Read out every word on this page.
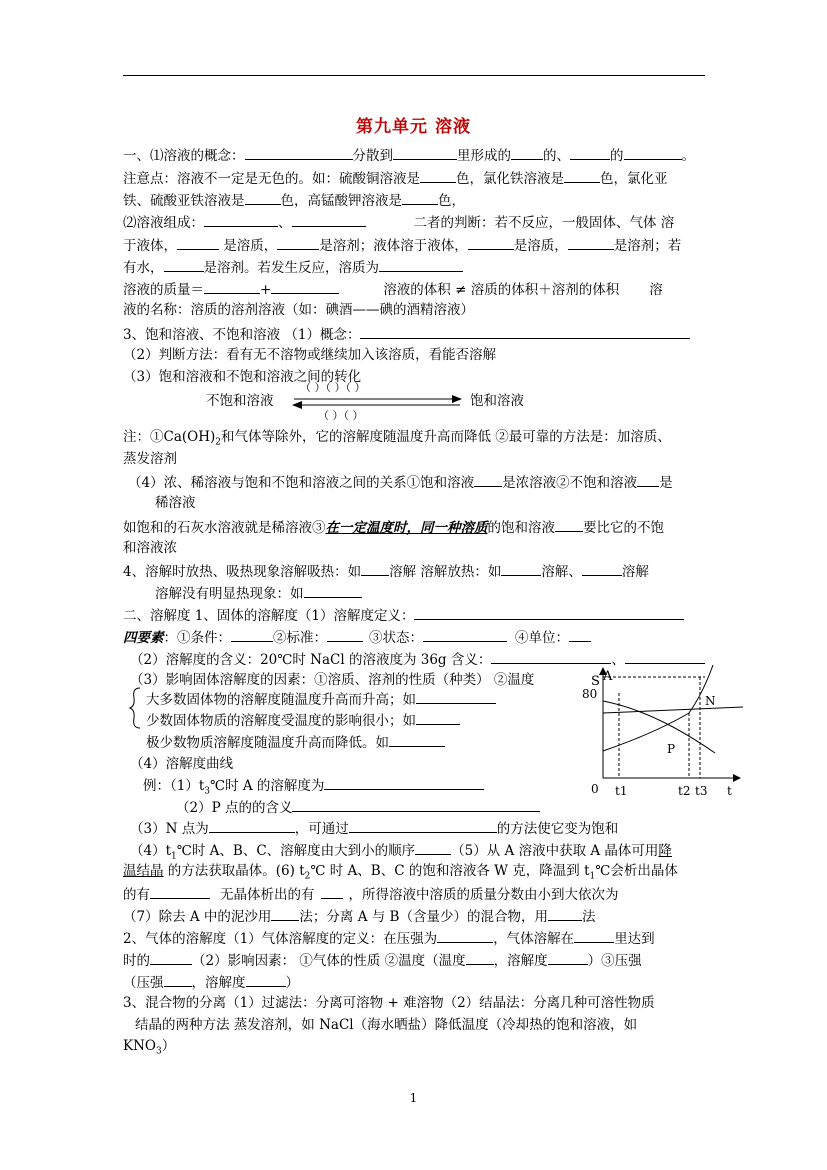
第九单元 溶液
一、⑴溶液的概念：	分散到	里形成的 的、	的	。
注意点：溶液不一定是无色的。如：硫酸铜溶液是	色，氯化铁溶液是	色，氯化亚
铁、硫酸亚铁溶液是	色，高锰酸钾溶液是	色，
⑵溶液组成：	、	二者的判断：若不反应，一般固体、气体 溶
于液体，	是溶质，	是溶剂；液体溶于液体，	是溶质，	是溶剂；若
有水，	是溶剂。若发生反应，溶质为
溶液的质量＝	+	溶液的体积 ≠ 溶质的体积＋溶剂的体积 溶
液的名称：溶质的溶剂溶液（如：碘酒——碘的酒精溶液）
3、饱和溶液、不饱和溶液 （1）概念：
（2）判断方法：看有无不溶物或继续加入该溶质，看能否溶解
（3）饱和溶液和不饱和溶液之间的转化
不饱和溶液	饱和溶液
（ ）（ ）（ ）
（ ）（ ）
注：$①Ca(OH)_2$和气体等除外，它的溶解度随温度升高而降低 ②最可靠的方法是：加溶质、
蒸发溶剂
（4）浓、稀溶液与饱和不饱和溶液之间的关系①饱和溶液 是浓溶液②不饱和溶液 是
稀溶液
如饱和的石灰水溶液就是稀溶液③在一定温度时，同一种溶质的饱和溶液 要比它的不饱
和溶液浓
4、溶解时放热、吸热现象溶解吸热：如 溶解 溶解放热：如	溶解、	溶解
溶解没有明显热现象：如
二、溶解度 1、固体的溶解度（1）溶解度定义：
四要素：①条件：	②标准：	③状态：	④单位：
（2）溶解度的含义：20℃时 NaCl 的溶液度为 36g 含义：	、
（3）影响固体溶解度的因素：①溶质、溶剂的性质（种类） ②温度
大多数固体物的溶解度随温度升高而升高；如
少数固体物质的溶解度受温度的影响很小；如
极少数物质溶解度随温度升高而降低。如
（4）溶解度曲线
例：$(1)t_3℃$时 A 的溶解度为
（2）P 点的的含义
S A
80	N
P
0 t1	t2 t3 t
（3）N 点为	，可通过	的方法使它变为饱和
$(4)t_1℃$时 A、B、C、溶解度由大到小的顺序	（5）从 A 溶液中获取 A 晶体可用降
温结晶 的方法获取晶体。(6) $t_2℃$ 时 A、B、C 的饱和溶液各 W 克，降温到 $t_1℃$会析出晶体
的有	无晶体析出的有	，所得溶液中溶质的质量分数由小到大依次为
（7）除去 A 中的泥沙用 法；分离 A 与 B（含量少）的混合物，用	法
2、气体的溶解度（1）气体溶解度的定义：在压强为	，气体溶解在	里达到
时的	（2）影响因素： ①气体的性质 ②温度（温度 ，溶解度	）③压强
（压强 ，溶解度	）
3、混合物的分离（1）过滤法：分离可溶物 + 难溶物（2）结晶法：分离几种可溶性物质
结晶的两种方法 蒸发溶剂，如 NaCl（海水晒盐）降低温度（冷却热的饱和溶液，如
$KNO_3$）
1
